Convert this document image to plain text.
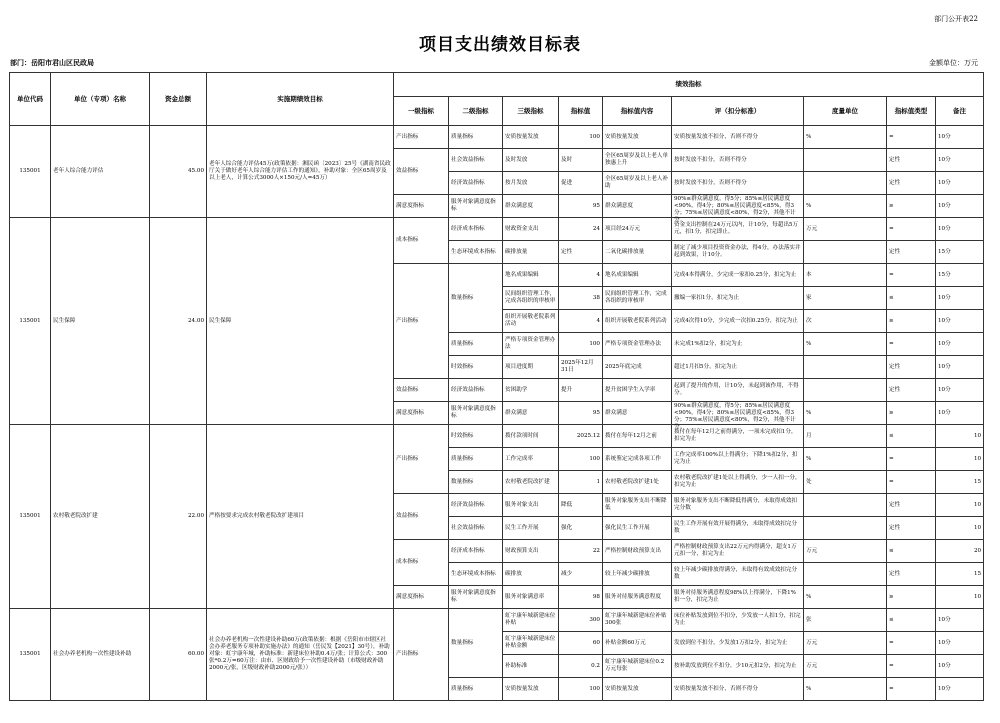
部门公开表22
项目支出绩效目标表
部门：岳阳市君山区民政局	金额单位：万元
单位代码	单位（专项）名称	资金总额	实施期绩效目标	绩效指标								
				一级指标	二级指标	三级指标	指标值	指标值内容	评（扣分标准）	度量单位	指标值类型	备注
135001	老年人综合能力评估	45.00	老年人综合能力评估45万(政策依据：湘民函〔2023〕25号《湖南省民政厅关于做好老年人综合能力评估工作的通知》，补助对象：全区65周岁及以上老人，计算公式3000人×150元/人=45万）	产出指标	质量指标	安质按量发放	100	安质按量发放	安质按量发放不扣分，否则不得分	%	=	10分
				效益指标	社会效益指标	及时发放	及时	全区65周岁及以上老人单独惠上升	按时发放不扣分，否则不得分		定性	10分

					经济效益指标	按月发放	促进	全区65周岁及以上老人补助	按时发放不扣分，否则不得分		定性	10分
				满意度指标	服务对象满意度指标	群众满意度	95	群众满意度	90%≤群众满意度，得5分；85%≤居民满意度<90%，得4分；80%≤居民满意度<85%，得3分；75%≤居民满意度<80%，得2分，其他不计分。	%	≥	10分
135001	民生保障	24.00	民生保障	成本指标	经济成本指标	财政资金支出	24	项目经24万元	资金支出控制在24万元以内，计10分，每超出5万元，扣1分，扣完即止。	万元	=	10分

					生态环境成本指标	碳排放量	定性	二氧化碳排放量	制定了减少项目投资资金办法，得4分，办法落实并起到效果，计10分。		定性	15分
				产出指标	数量指标	地名成果编辑	4	地名成果编辑	完成4本得满分，少完成一家扣0.25分，扣完为止	本	=	15分

						民间组织管理工作，完成各组织的审核审	38	民间组织管理工作，完成各组织的审核审	撤编一家扣1分，扣完为止	家	≤	10分

						组织开展敬老院系列活动	4	组织开展敬老院系列活动	完成4次得10分，少完成一次扣0.25分，扣完为止	次	≥	10分

					质量指标	严格专项资金管理办法	100	严格专项资金管理办法	未完成1%扣2分，扣完为止	%	=	10分

					时效指标	项目进度期	2025年12月31日	2025年底完成	超过1月扣5分，扣完为止		定性	10分
				效益指标	经济效益指标	贫困助学	提升	提升贫困学生入学率	起到了提升的作用，计10分，未起到该作用，不得分。		定性	10分
				满意度指标	服务对象满意度指标	群众满意	95	群众满意	90%≤群众满意度，得5分；85%≤居民满意度<90%，得4分；80%≤居民满意度<85%，得3分；75%≤居民满意度<80%，得2分，其他不计分。	%	≥	10分
135001	农村敬老院改扩建	22.00	严格按要求完成农村敬老院改扩建项目	产出指标	时效指标	拨付款项时间	2025.12	拨付在每年12月之前	拨付在每年12月之前得满分，一项未完成扣1分，扣完为止	月	≤	10

					质量指标	工作完成率	100	系统鉴定完成各项工作	工作完成率100%以上得满分；下降1%扣2分，扣完为止	%	=	10

					数量指标	农村敬老院改扩建	1	农村敬老院改扩建1处	农村敬老院改扩建1处以上得满分，少一人扣一分，扣完为止	处	=	15
				效益指标	经济效益指标	服务对象支出	降低	服务对象服务支出不断降低	服务对象服务支出不断降低得满分，未取得成效扣完分数		定性	10

					社会效益指标	民生工作开展	强化	强化民生工作开展	民生工作开展有效开展得满分，未取得成效扣完分数		定性	10
				成本指标	经济成本指标	财政预算支出	22	严格控制财政预算支出	严格控制财政预算支出22万元内得满分，超支1万元扣一分，扣完为止	万元	≤	20

					生态环境成本指标	碳排放	减少	较上年减少碳排放	较上年减少碳排放得满分，未取得有效成效扣完分数		定性	15
				满意度指标	服务对象满意度指标	服务对象满意率	98	服务对待服务满意程度	服务对待服务满意程度98%以上得满分，下降1%扣一分，扣完为止	%	≥	10
135001	社会办养老机构一次性建设补助	60.00	社会办养老机构一次性建设补助60万(政策依据：根据《岳阳市市辖区社会办养老服务专项补助实施办法》的通知（岳民发【2021】30号），补助对象：虹宇康年城，补助标准：新建床位补助0.4万/张；计算公式：300张*0.2万=60万注：由市、区财政给予一次性建设补助（市级财政补助2000元/张，区级财政补助2000元/张））	产出指标	数量指标	虹宇康年城新建床位补贴	300	虹宇康年城新建床位补贴300张	床位补贴发放到位不扣分，少发放一人扣1分，扣完为止	张	≤	10分

						虹宇康年城新建床位补贴金额	60	补贴金额60万元	发放到位不扣分，少发放1万扣2分，扣完为止	万元	=	10分

						补助标准	0.2	虹宇康年城新建床位0.2万元每张	按补助发放到位不扣分，少10元扣2分，扣完为止	万元	=	10分

					质量指标	安质按量发放	100	安质按量发放	安质按量发放不扣分，否则不得分	%	=	10分
